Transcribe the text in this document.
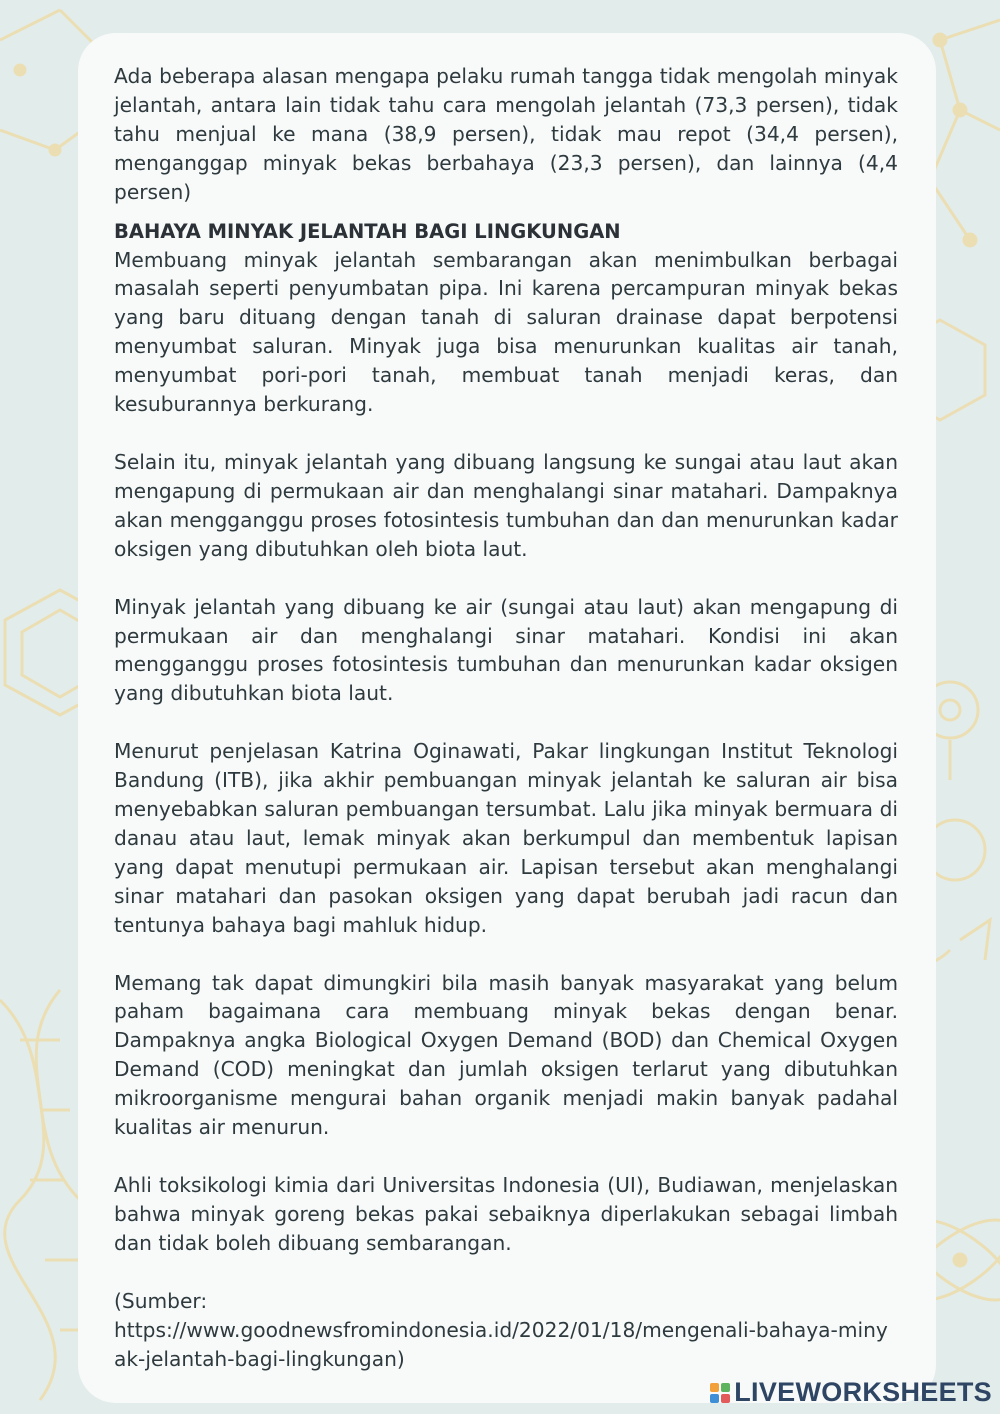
Ada beberapa alasan mengapa pelaku rumah tangga tidak mengolah minyak jelantah, antara lain tidak tahu cara mengolah jelantah (73,3 persen), tidak tahu menjual ke mana (38,9 persen), tidak mau repot (34,4 persen), menganggap minyak bekas berbahaya (23,3 persen), dan lainnya (4,4 persen)

BAHAYA MINYAK JELANTAH BAGI LINGKUNGAN

Membuang minyak jelantah sembarangan akan menimbulkan berbagai masalah seperti penyumbatan pipa. Ini karena percampuran minyak bekas yang baru dituang dengan tanah di saluran drainase dapat berpotensi menyumbat saluran. Minyak juga bisa menurunkan kualitas air tanah, menyumbat pori-pori tanah, membuat tanah menjadi keras, dan kesuburannya berkurang.

Selain itu, minyak jelantah yang dibuang langsung ke sungai atau laut akan mengapung di permukaan air dan menghalangi sinar matahari. Dampaknya akan mengganggu proses fotosintesis tumbuhan dan dan menurunkan kadar oksigen yang dibutuhkan oleh biota laut.

Minyak jelantah yang dibuang ke air (sungai atau laut) akan mengapung di permukaan air dan menghalangi sinar matahari. Kondisi ini akan mengganggu proses fotosintesis tumbuhan dan menurunkan kadar oksigen yang dibutuhkan biota laut.

Menurut penjelasan Katrina Oginawati, Pakar lingkungan Institut Teknologi Bandung (ITB), jika akhir pembuangan minyak jelantah ke saluran air bisa menyebabkan saluran pembuangan tersumbat. Lalu jika minyak bermuara di danau atau laut, lemak minyak akan berkumpul dan membentuk lapisan yang dapat menutupi permukaan air. Lapisan tersebut akan menghalangi sinar matahari dan pasokan oksigen yang dapat berubah jadi racun dan tentunya bahaya bagi mahluk hidup.

Memang tak dapat dimungkiri bila masih banyak masyarakat yang belum paham bagaimana cara membuang minyak bekas dengan benar. Dampaknya angka Biological Oxygen Demand (BOD) dan Chemical Oxygen Demand (COD) meningkat dan jumlah oksigen terlarut yang dibutuhkan mikroorganisme mengurai bahan organik menjadi makin banyak padahal kualitas air menurun.

Ahli toksikologi kimia dari Universitas Indonesia (UI), Budiawan, menjelaskan bahwa minyak goreng bekas pakai sebaiknya diperlakukan sebagai limbah dan tidak boleh dibuang sembarangan.

(Sumber:

https://www.goodnewsfromindonesia.id/2022/01/18/mengenali-bahaya-minyak-jelantah-bagi-lingkungan)

LIVEWORKSHEETS
